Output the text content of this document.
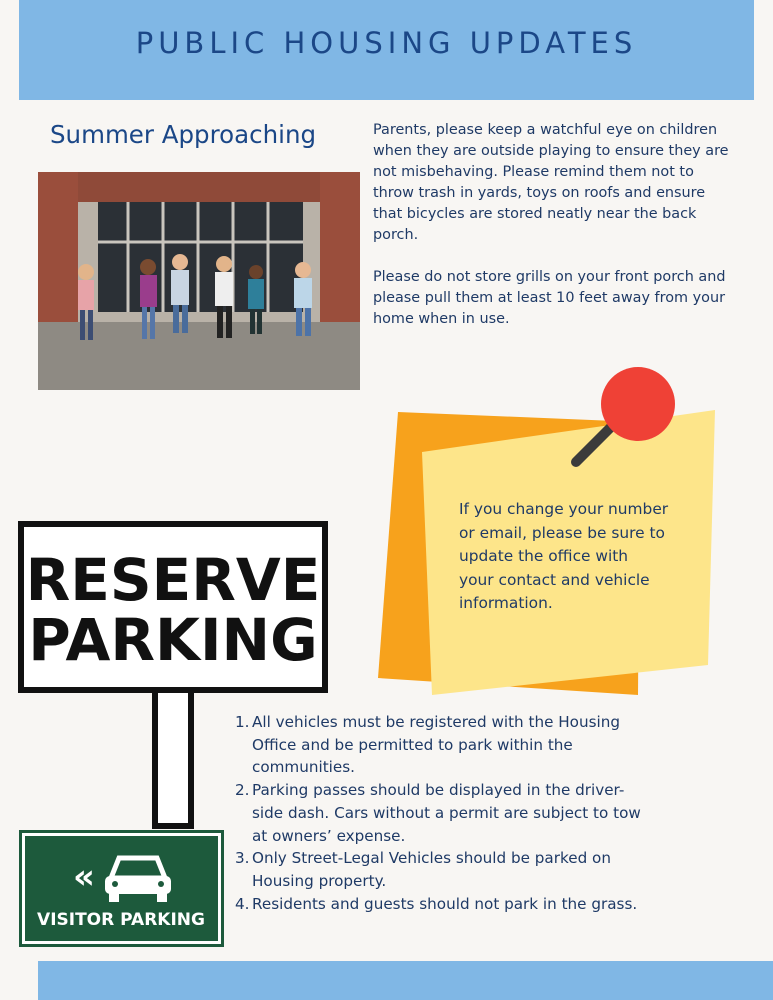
PUBLIC HOUSING UPDATES
Summer Approaching	Parents, please keep a watchful eye on children
when they are outside playing to ensure they are
not misbehaving. Please remind them not to
throw trash in yards, toys on roofs and ensure
that bicycles are stored neatly near the back
porch.

Please do not store grills on your front porch and
please pull them at least 10 feet away from your
home when in use.

If you change your number
or email, please be sure to
update the office with
your contact and vehicle
information.
RESERVE
PARKING
«
VISITOR PARKING
1. All vehicles must be registered with the Housing
Office and be permitted to park within the
communities.
2. Parking passes should be displayed in the driver-
side dash. Cars without a permit are subject to tow
at owners’ expense.
3. Only Street-Legal Vehicles should be parked on
Housing property.
4. Residents and guests should not park in the grass.
